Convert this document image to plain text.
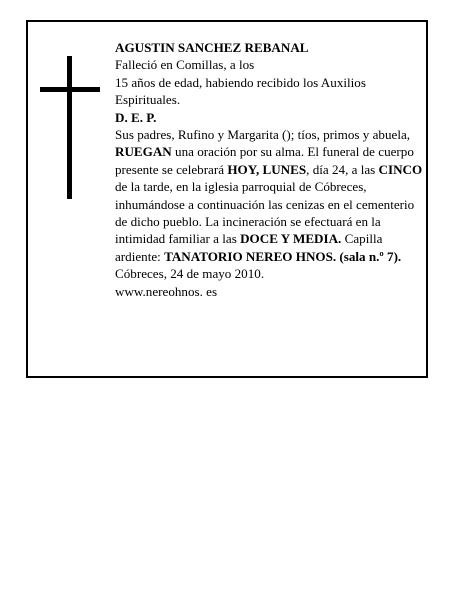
AGUSTIN SANCHEZ REBANAL

Falleció en Comillas, a los

15 años de edad, habiendo recibido los Auxilios Espirituales.

D. E. P.

Sus padres, Rufino y Margarita (); tíos, primos y abuela,

RUEGAN una oración por su alma. El funeral de cuerpo presente se celebrará HOY, LUNES, día 24, a las CINCO de la tarde, en la iglesia parroquial de Cóbreces, inhumándose a continuación las cenizas en el cementerio de dicho pueblo. La incineración se efectuará en la intimidad familiar a las DOCE Y MEDIA. Capilla ardiente: TANATORIO NEREO HNOS. (sala n.º 7).

Cóbreces, 24 de mayo 2010.

www.nereohnos. es
